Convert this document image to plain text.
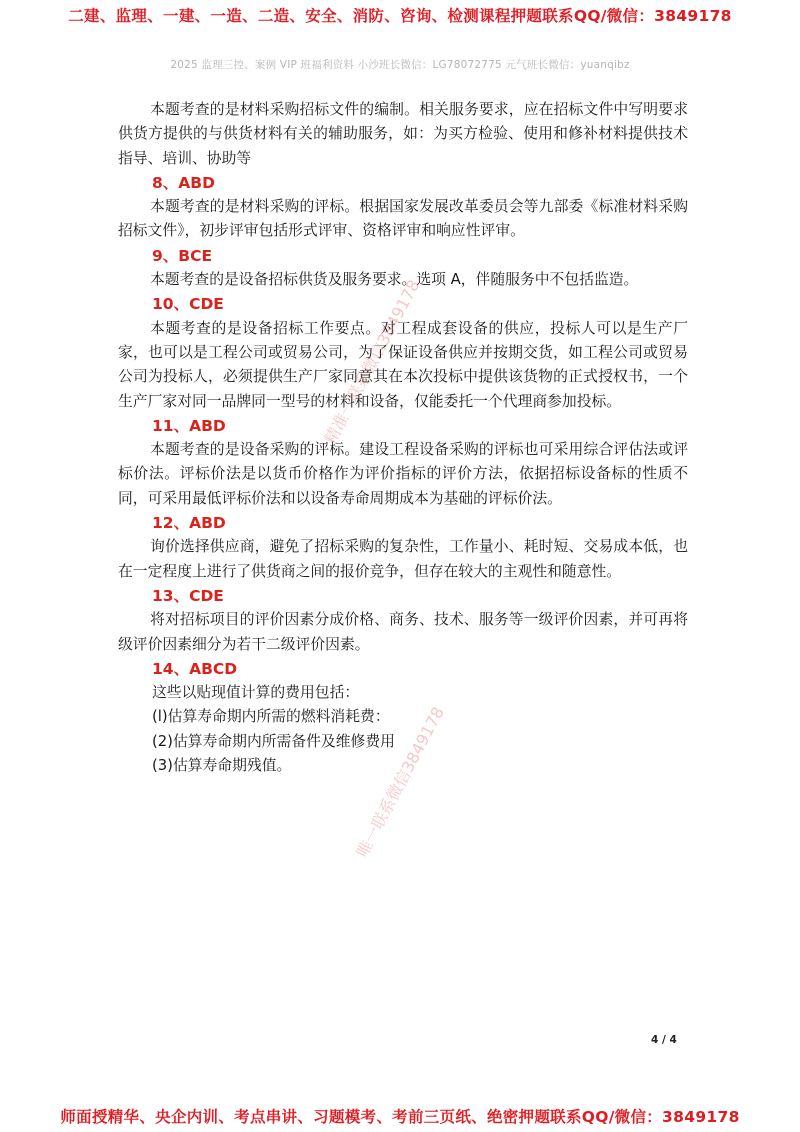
二建、监理、一建、一造、二造、安全、消防、咨询、检测课程押题联系QQ/微信：3849178
2025 监理三控、案例 VIP 班福利资料 小沙班长微信：LG78072775 元气班长微信：yuanqibz

本题考查的是材料采购招标文件的编制。相关服务要求，应在招标文件中写明要求供货方提供的与供货材料有关的辅助服务，如：为买方检验、使用和修补材料提供技术指导、培训、协助等

8、ABD

本题考查的是材料采购的评标。根据国家发展改革委员会等九部委《标准材料采购招标文件》，初步评审包括形式评审、资格评审和响应性评审。

9、BCE

本题考查的是设备招标供货及服务要求。选项 A，伴随服务中不包括监造。

10、CDE

本题考查的是设备招标工作要点。对工程成套设备的供应，投标人可以是生产厂家，也可以是工程公司或贸易公司，为了保证设备供应并按期交货，如工程公司或贸易公司为投标人，必须提供生产厂家同意其在本次投标中提供该货物的正式授权书，一个生产厂家对同一品牌同一型号的材料和设备，仅能委托一个代理商参加投标。

11、ABD

本题考查的是设备采购的评标。建设工程设备采购的评标也可采用综合评估法或评标价法。评标价法是以货币价格作为评价指标的评价方法，依据招标设备标的性质不同，可采用最低评标价法和以设备寿命周期成本为基础的评标价法。

12、ABD

询价选择供应商，避免了招标采购的复杂性，工作量小、耗时短、交易成本低，也在一定程度上进行了供货商之间的报价竞争，但存在较大的主观性和随意性。

13、CDE

将对招标项目的评价因素分成价格、商务、技术、服务等一级评价因素，并可再将级评价因素细分为若干二级评价因素。

14、ABCD

这些以贴现值计算的费用包括：

(l)估算寿命期内所需的燃料消耗费：

(2)估算寿命期内所需备件及维修费用

(3)估算寿命期残值。

精准一联系微信3849178
唯一联系微信3849178
4 / 4
师面授精华、央企内训、考点串讲、习题模考、考前三页纸、绝密押题联系QQ/微信：3849178
